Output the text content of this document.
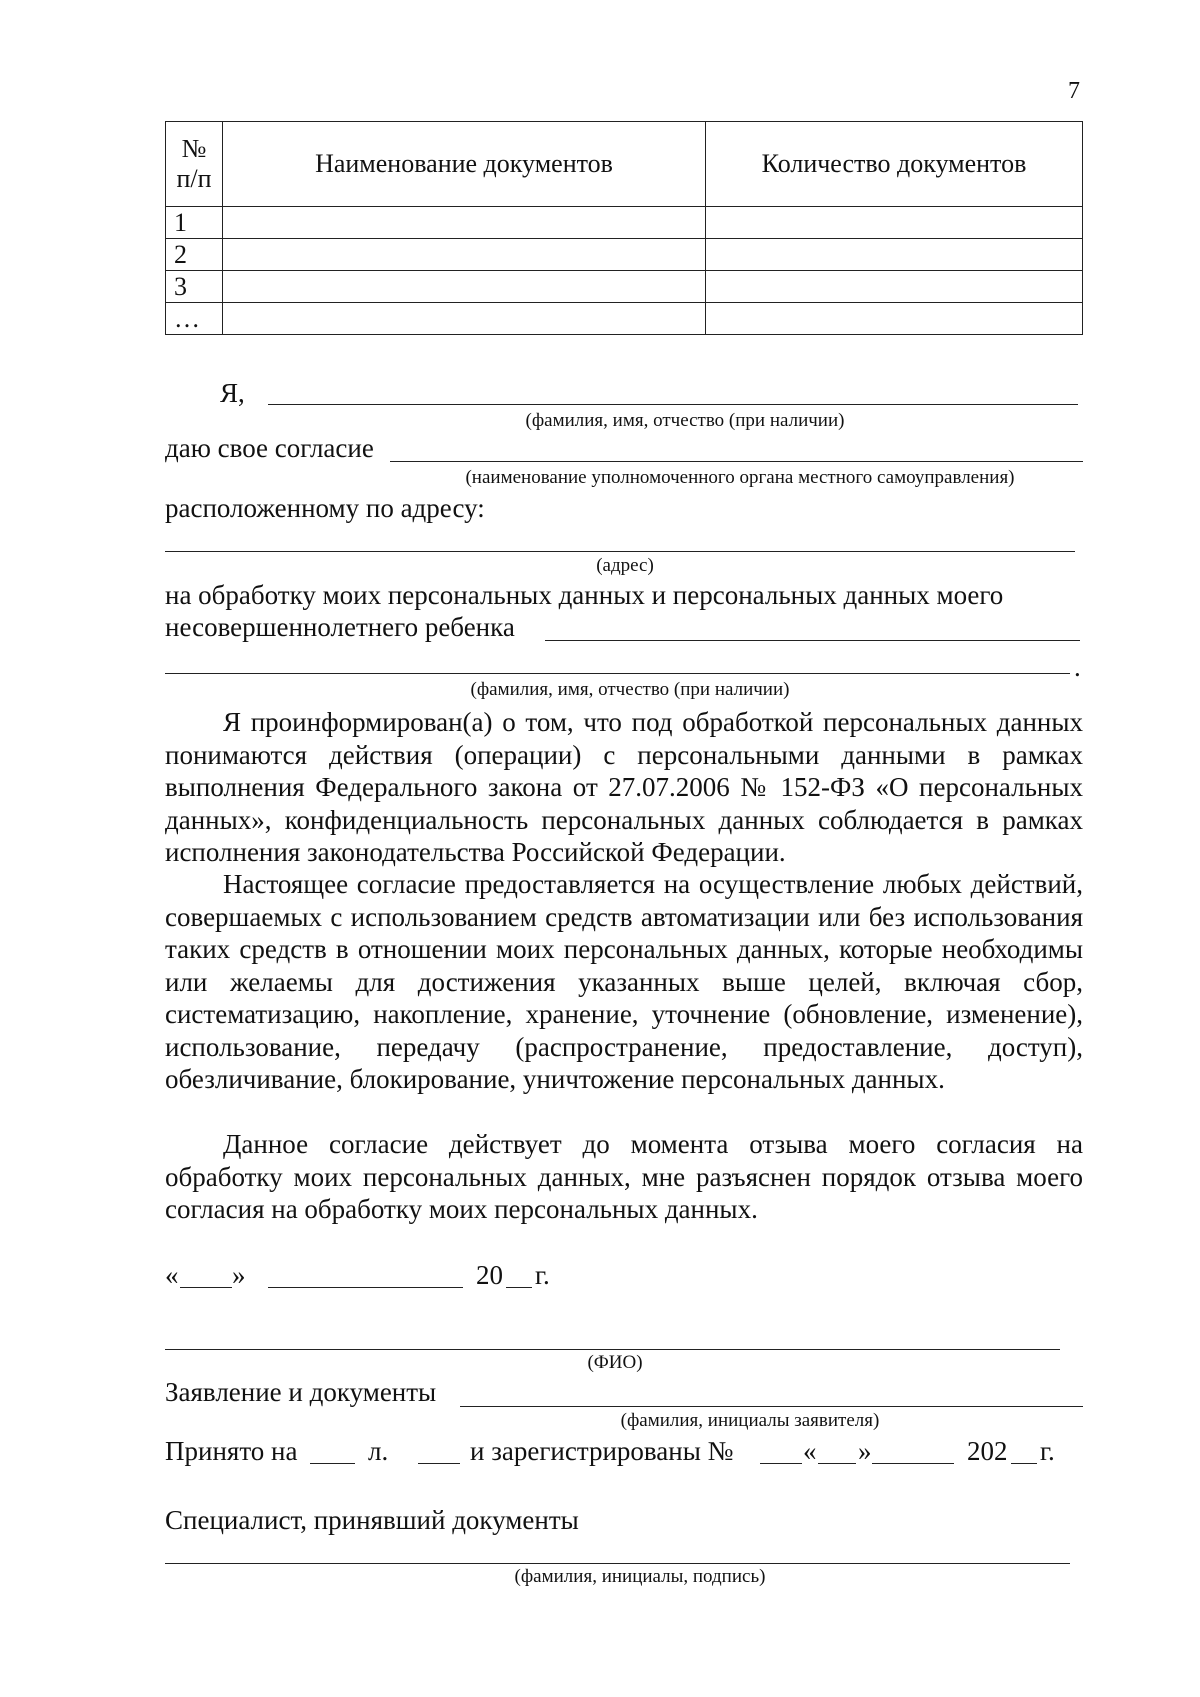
7
№ п/п	Наименование документов	Количество документов
1		
2		
3		
…		
Я,
(фамилия, имя, отчество (при наличии)
даю свое согласие
(наименование уполномоченного органа местного самоуправления)
расположенному по адресу:
(адрес)
на обработку моих персональных данных и персональных данных моего
несовершеннолетнего ребенка
.
(фамилия, имя, отчество (при наличии)
Я проинформирован(а) о том, что под обработкой персональных данных понимаются действия (операции) с персональными данными в рамках выполнения Федерального закона от 27.07.2006 № 152-ФЗ «О персональных данных», конфиденциальность персональных данных соблюдается в рамках исполнения законодательства Российской Федерации.
Настоящее согласие предоставляется на осуществление любых действий, совершаемых с использованием средств автоматизации или без использования таких средств в отношении моих персональных данных, которые необходимы или желаемы для достижения указанных выше целей, включая сбор, систематизацию, накопление, хранение, уточнение (обновление, изменение), использование, передачу (распространение, предоставление, доступ), обезличивание, блокирование, уничтожение персональных данных.
Данное согласие действует до момента отзыва моего согласия на обработку моих персональных данных, мне разъяснен порядок отзыва моего согласия на обработку моих персональных данных.
« »	20 г.
(ФИО)
Заявление и документы
(фамилия, инициалы заявителя)
Принято на	л.	и зарегистрированы №	« »	202 г.
Специалист, принявший документы
(фамилия, инициалы, подпись)
